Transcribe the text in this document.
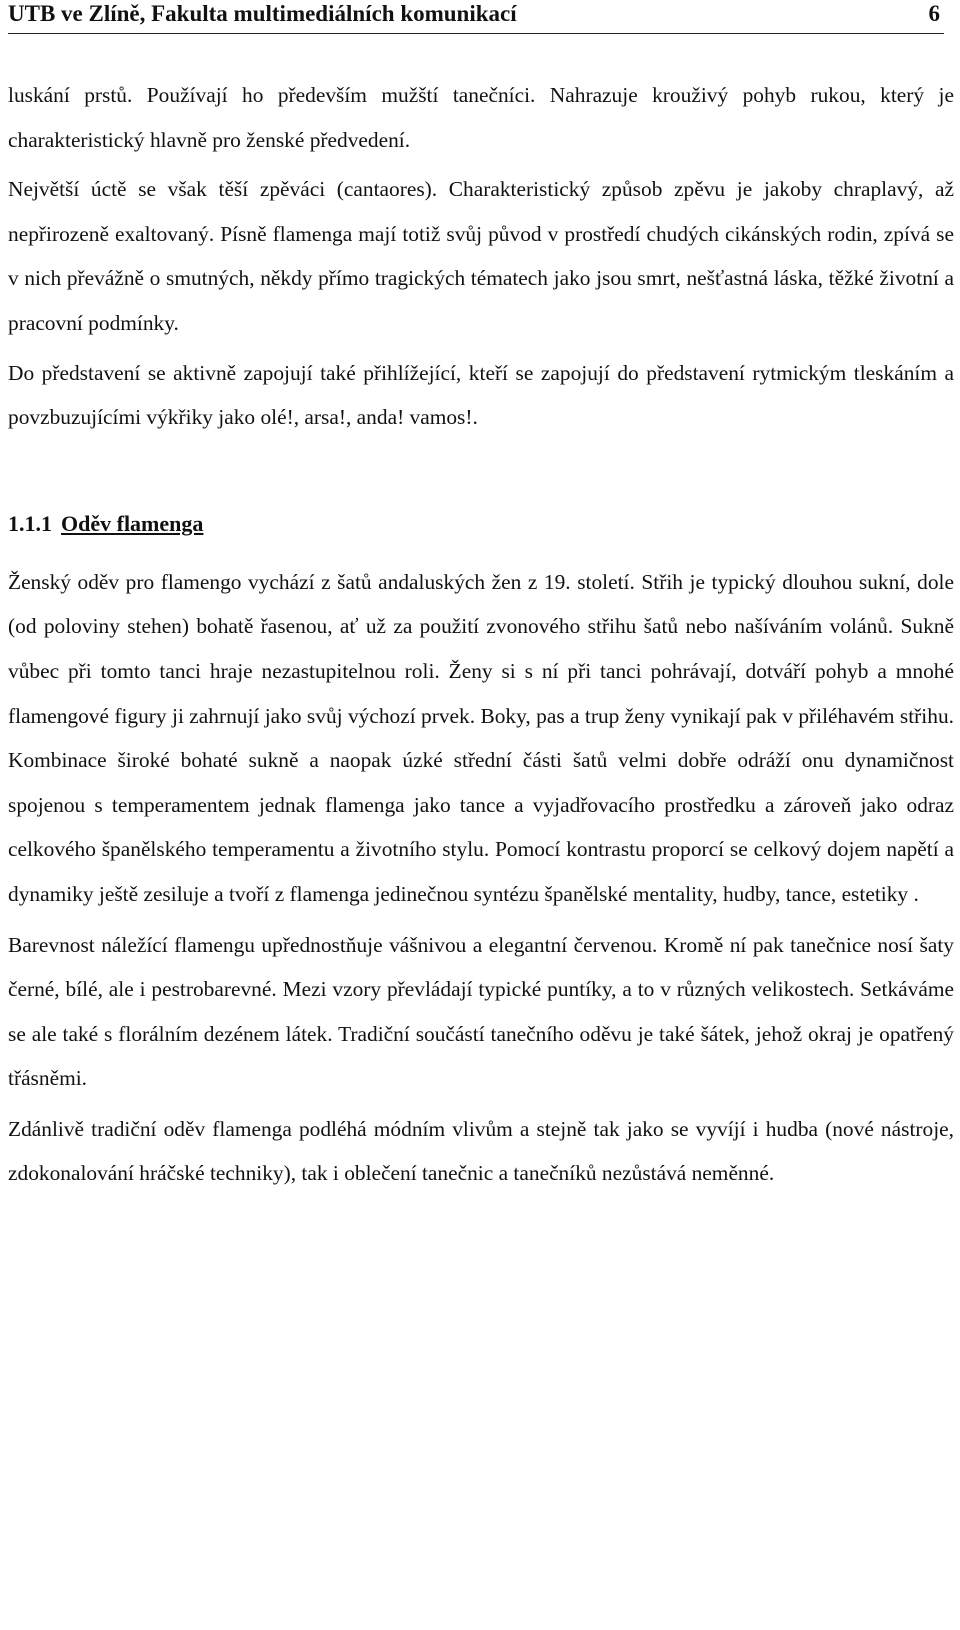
UTB ve Zlíně, Fakulta multimediálních komunikací	6

luskání prstů. Používají ho především mužští tanečníci. Nahrazuje krouživý pohyb rukou, který je charakteristický hlavně pro ženské předvedení.

Největší úctě se však těší zpěváci (cantaores). Charakteristický způsob zpěvu je jakoby chraplavý, až nepřirozeně exaltovaný. Písně flamenga mají totiž svůj původ v prostředí chudých cikánských rodin, zpívá se v nich převážně o smutných, někdy přímo tragických tématech jako jsou smrt, nešťastná láska, těžké životní a pracovní podmínky.

Do představení se aktivně zapojují také přihlížející, kteří se zapojují do představení rytmickým tleskáním a povzbuzujícími výkřiky jako olé!, arsa!, anda! vamos!.

1.1.1 Oděv flamenga

Ženský oděv pro flamengo vychází z šatů andaluských žen z 19. století. Střih je typický dlouhou sukní, dole (od poloviny stehen) bohatě řasenou, ať už za použití zvonového střihu šatů nebo našíváním volánů. Sukně vůbec při tomto tanci hraje nezastupitelnou roli. Ženy si s ní při tanci pohrávají, dotváří pohyb a mnohé flamengové figury ji zahrnují jako svůj výchozí prvek. Boky, pas a trup ženy vynikají pak v přiléhavém střihu. Kombinace široké bohaté sukně a naopak úzké střední části šatů velmi dobře odráží onu dynamičnost spojenou s temperamentem jednak flamenga jako tance a vyjadřovacího prostředku a zároveň jako odraz celkového španělského temperamentu a životního stylu. Pomocí kontrastu proporcí se celkový dojem napětí a dynamiky ještě zesiluje a tvoří z flamenga jedinečnou syntézu španělské mentality, hudby, tance, estetiky .

Barevnost náležící flamengu upřednostňuje vášnivou a elegantní červenou. Kromě ní pak tanečnice nosí šaty černé, bílé, ale i pestrobarevné. Mezi vzory převládají typické puntíky, a to v různých velikostech. Setkáváme se ale také s florálním dezénem látek. Tradiční součástí tanečního oděvu je také šátek, jehož okraj je opatřený třásněmi.

Zdánlivě tradiční oděv flamenga podléhá módním vlivům a stejně tak jako se vyvíjí i hudba (nové nástroje, zdokonalování hráčské techniky), tak i oblečení tanečnic a tanečníků nezůstává neměnné.
